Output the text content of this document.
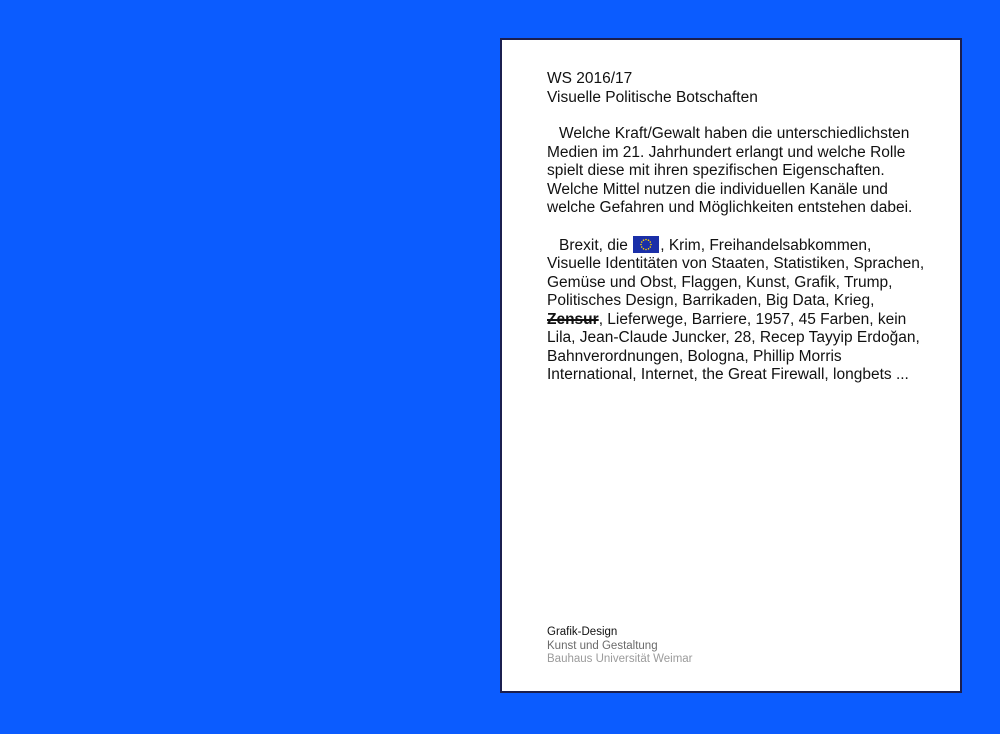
WS 2016/17

Visuelle Politische Botschaften

Welche Kraft/Gewalt haben die unterschiedlichsten Medien im 21. Jahrhundert erlangt und welche Rolle spielt diese mit ihren spezifischen Eigenschaften. Welche Mittel nutzen die individuellen Kanäle und welche Gefahren und Möglichkeiten entstehen dabei.

Brexit, die , Krim, Freihandelsabkommen, Visuelle Identitäten von Staaten, Statistiken, Sprachen, Gemüse und Obst, Flaggen, Kunst, Grafik, Trump, Politisches Design, Barrikaden, Big Data, Krieg, Zensur, Lieferwege, Barriere, 1957, 45 Farben, kein Lila, Jean-Claude Juncker, 28, Recep Tayyip Erdoğan, Bahnverordnungen, Bologna, Phillip Morris International, Internet, the Great Firewall, longbets ...

Grafik-Design

Kunst und Gestaltung

Bauhaus Universität Weimar
